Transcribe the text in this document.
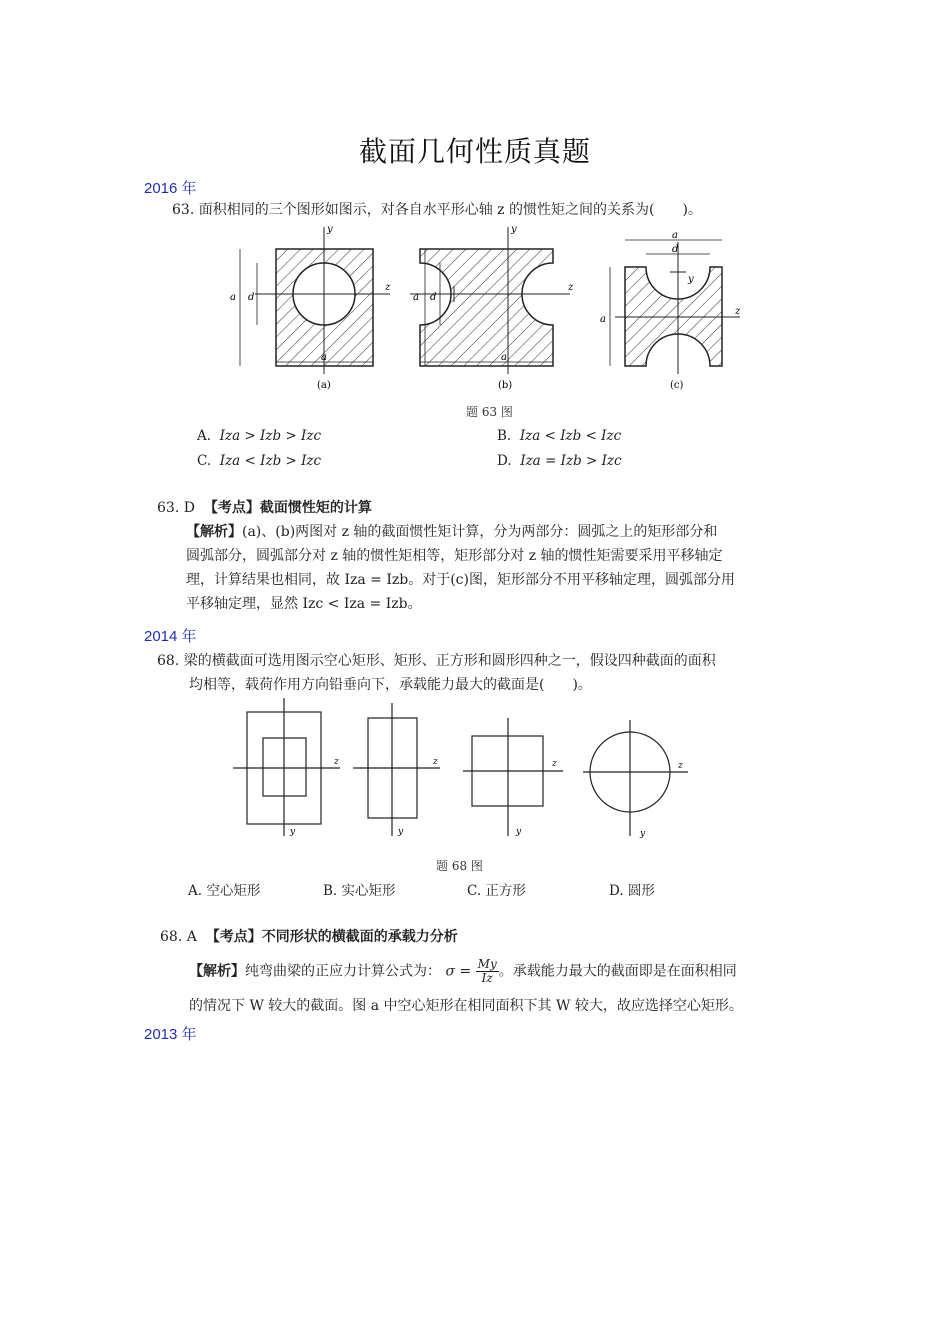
截面几何性质真题
2016 年
63. 面积相同的三个图形如图示，对各自水平形心轴 z 的惯性矩之间的关系为(　　)。
y
z
a d
a
(a)
y
z
a d
a
(b)
y
z
a
d
a
(c)
题 63 图
A. Iza > Izb > Izc	B. Iza < Izb < Izc
C. Iza < Izb > Izc	D. Iza = Izb > Izc
63. D 【考点】截面惯性矩的计算
【解析】(a)、(b)两图对 z 轴的截面惯性矩计算，分为两部分：圆弧之上的矩形部分和
圆弧部分，圆弧部分对 z 轴的惯性矩相等，矩形部分对 z 轴的惯性矩需要采用平移轴定
理，计算结果也相同，故 Iza = Izb。对于(c)图，矩形部分不用平移轴定理，圆弧部分用
平移轴定理，显然 Izc < Iza = Izb。
2014 年
68. 梁的横截面可选用图示空心矩形、矩形、正方形和圆形四种之一，假设四种截面的面积
均相等，载荷作用方向铅垂向下，承载能力最大的截面是(　　)。
z
y
z
y
z
y
z
y
题 68 图
A. 空心矩形	B. 实心矩形	C. 正方形	D. 圆形
68. A 【考点】不同形状的横截面的承载力分析
【解析】纯弯曲梁的正应力计算公式为： $\sigma = \frac{My}{Iz}$ 。承载能力最大的截面即是在面积相同
的情况下 W 较大的截面。图 a 中空心矩形在相同面积下其 W 较大，故应选择空心矩形。
2013 年
